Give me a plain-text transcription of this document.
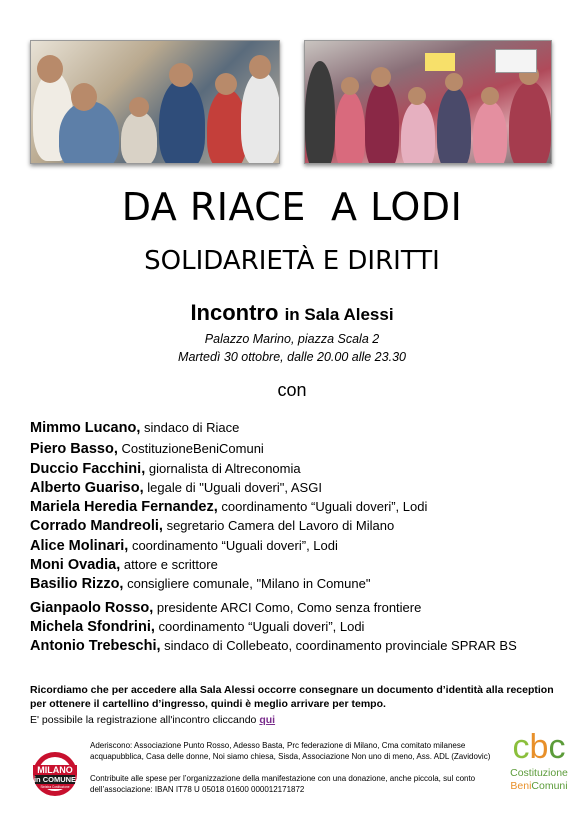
DA RIACE  A LODI
SOLIDARIETÀ E DIRITTI
Incontro in Sala Alessi
Palazzo Marino, piazza Scala 2
Martedì 30 ottobre, dalle 20.00 alle 23.30
con
Mimmo Lucano, sindaco di Riace
Piero Basso, CostituzioneBeniComuni
Duccio Facchini, giornalista di Altreconomia
Alberto Guariso, legale di "Uguali doveri", ASGI
Mariela Heredia Fernandez, coordinamento “Uguali doveri”, Lodi
Corrado Mandreoli, segretario Camera del Lavoro di Milano
Alice Molinari, coordinamento “Uguali doveri”, Lodi
Moni Ovadia, attore e scrittore
Basilio Rizzo, consigliere comunale, "Milano in Comune"
Gianpaolo Rosso, presidente ARCI Como, Como senza frontiere
Michela Sfondrini, coordinamento “Uguali doveri”, Lodi
Antonio Trebeschi, sindaco di Collebeato, coordinamento provinciale SPRAR BS
Ricordiamo che per accedere alla Sala Alessi occorre consegnare un documento d’identità alla reception per ottenere il cartellino d’ingresso, quindi è meglio arrivare per tempo.
E' possibile la registrazione all'incontro cliccando qui
MILANO
in COMUNE
Sinistra Costituzione
Aderiscono: Associazione Punto Rosso, Adesso Basta, Prc federazione di Milano, Cma comitato milanese acquapubblica, Casa delle donne, Noi siamo chiesa, Sisda, Associazione Non uno di meno, Ass. ADL (Zavidovic)
Contribuite alle spese per l’organizzazione della manifestazione con una donazione, anche piccola, sul conto dell’associazione: IBAN IT78 U 05018 01600 000012171872
cbc
Costituzione
BeniComuni
